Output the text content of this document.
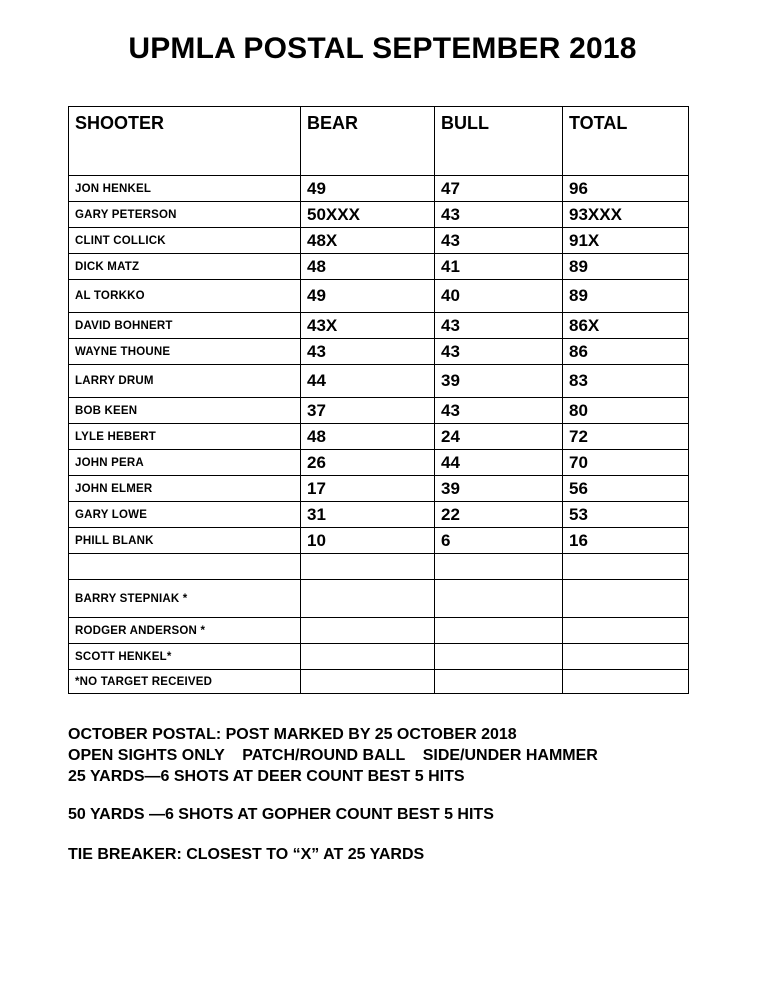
UPMLA POSTAL SEPTEMBER 2018
SHOOTER	BEAR	BULL	TOTAL
JON HENKEL	49	47	96
GARY PETERSON	50XXX	43	93XXX
CLINT COLLICK	48X	43	91X
DICK MATZ	48	41	89
AL TORKKO	49	40	89
DAVID BOHNERT	43X	43	86X
WAYNE THOUNE	43	43	86
LARRY DRUM	44	39	83
BOB KEEN	37	43	80
LYLE HEBERT	48	24	72
JOHN PERA	26	44	70
JOHN ELMER	17	39	56
GARY LOWE	31	22	53
PHILL BLANK	10	6	16

BARRY STEPNIAK *			
RODGER ANDERSON *			
SCOTT HENKEL*			
*NO TARGET RECEIVED			
OCTOBER POSTAL: POST MARKED BY 25 OCTOBER 2018
OPEN SIGHTS ONLY    PATCH/ROUND BALL    SIDE/UNDER HAMMER
25 YARDS—6 SHOTS AT DEER COUNT BEST 5 HITS
50 YARDS —6 SHOTS AT GOPHER COUNT BEST 5 HITS
TIE BREAKER: CLOSEST TO “X” AT 25 YARDS
